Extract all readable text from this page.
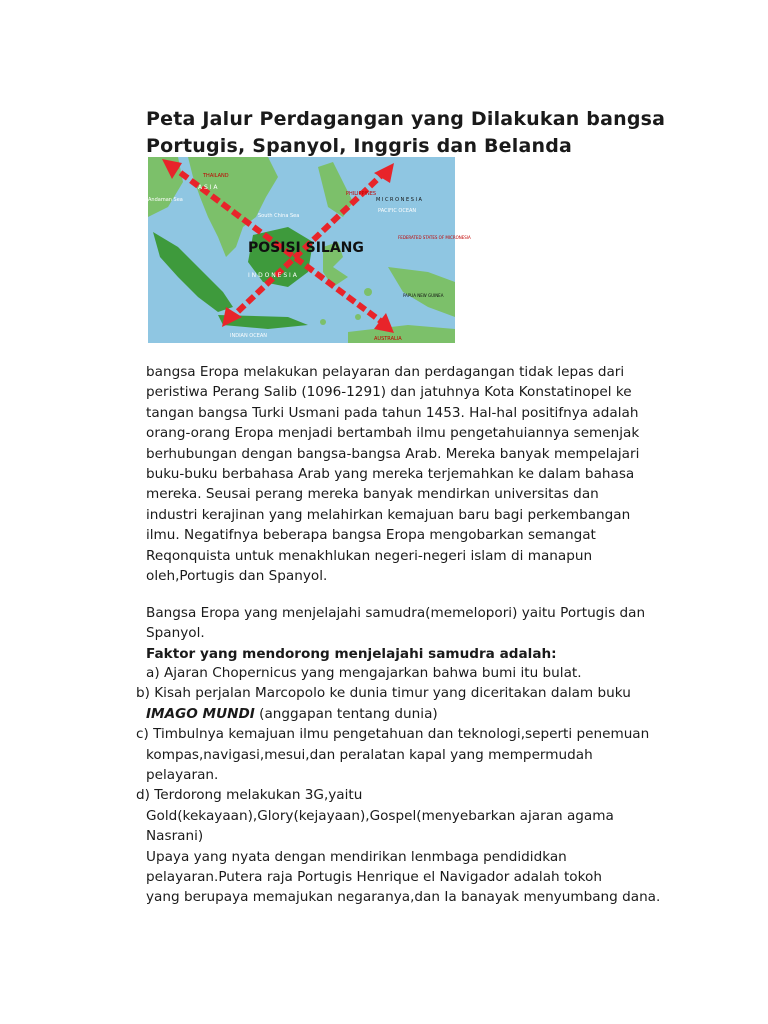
Peta Jalur Perdagangan yang Dilakukan bangsa
Portugis, Spanyol, Inggris dan Belanda
POSISI SILANG
A S I A
THAILAND
Andaman Sea
South China Sea
PHILIPPINES
M I C R O N E S I A
PACIFIC OCEAN
FEDERATED STATES OF MICRONESIA
I N D O N E S I A
PAPUA NEW GUINEA
INDIAN OCEAN	AUSTRALIA
bangsa Eropa melakukan pelayaran dan perdagangan tidak lepas dari
peristiwa Perang Salib (1096-1291) dan jatuhnya Kota Konstatinopel ke
tangan bangsa Turki Usmani pada tahun 1453. Hal-hal positifnya adalah
orang-orang Eropa menjadi bertambah ilmu pengetahuiannya semenjak
berhubungan dengan bangsa-bangsa Arab. Mereka banyak mempelajari
buku-buku berbahasa Arab yang mereka terjemahkan ke dalam bahasa
mereka. Seusai perang mereka banyak mendirkan universitas dan
industri kerajinan yang melahirkan kemajuan baru bagi perkembangan
ilmu. Negatifnya beberapa bangsa Eropa mengobarkan semangat
Reqonquista untuk menakhlukan negeri-negeri islam di manapun
oleh,Portugis dan Spanyol.
Bangsa Eropa yang menjelajahi samudra(memelopori) yaitu Portugis dan
Spanyol.
Faktor yang mendorong menjelajahi samudra adalah:
a) Ajaran Chopernicus yang mengajarkan bahwa bumi itu bulat.
b) Kisah perjalan Marcopolo ke dunia timur yang diceritakan dalam buku
IMAGO MUNDI (anggapan tentang dunia)
c) Timbulnya kemajuan ilmu pengetahuan dan teknologi,seperti penemuan
kompas,navigasi,mesui,dan peralatan kapal yang mempermudah
pelayaran.
d) Terdorong melakukan 3G,yaitu
Gold(kekayaan),Glory(kejayaan),Gospel(menyebarkan ajaran agama
Nasrani)
Upaya yang nyata dengan mendirikan lenmbaga pendididkan
pelayaran.Putera raja Portugis Henrique el Navigador adalah tokoh
yang berupaya memajukan negaranya,dan Ia banayak menyumbang dana.
